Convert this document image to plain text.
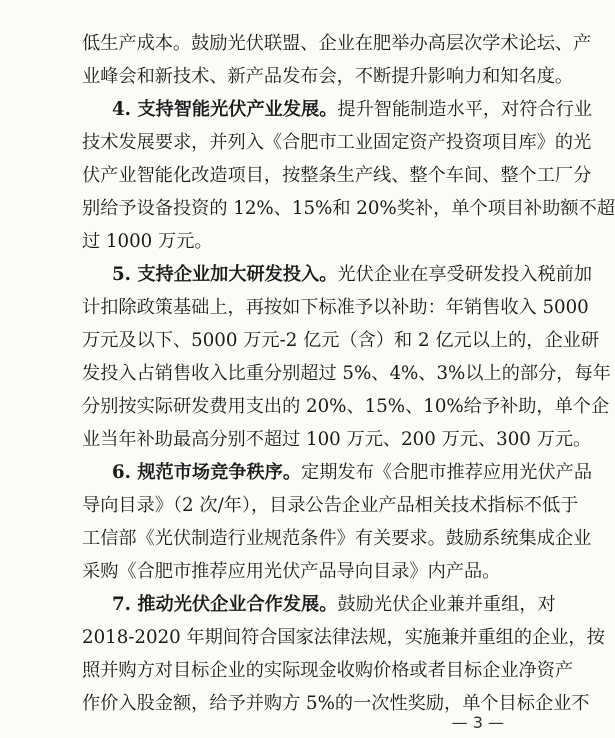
低生产成本。鼓励光伏联盟、企业在肥举办高层次学术论坛、产

业峰会和新技术、新产品发布会，不断提升影响力和知名度。

4. 支持智能光伏产业发展。提升智能制造水平，对符合行业

技术发展要求，并列入《合肥市工业固定资产投资项目库》的光

伏产业智能化改造项目，按整条生产线、整个车间、整个工厂分

别给予设备投资的 12%、15%和 20%奖补，单个项目补助额不超

过 1000 万元。

5. 支持企业加大研发投入。光伏企业在享受研发投入税前加

计扣除政策基础上，再按如下标准予以补助：年销售收入 5000

万元及以下、5000 万元-2 亿元（含）和 2 亿元以上的，企业研

发投入占销售收入比重分别超过 5%、4%、3%以上的部分，每年

分别按实际研发费用支出的 20%、15%、10%给予补助，单个企

业当年补助最高分别不超过 100 万元、200 万元、300 万元。

6. 规范市场竞争秩序。定期发布《合肥市推荐应用光伏产品

导向目录》（2 次/年），目录公告企业产品相关技术指标不低于

工信部《光伏制造行业规范条件》有关要求。鼓励系统集成企业

采购《合肥市推荐应用光伏产品导向目录》内产品。

7. 推动光伏企业合作发展。鼓励光伏企业兼并重组，对

2018-2020 年期间符合国家法律法规，实施兼并重组的企业，按

照并购方对目标企业的实际现金收购价格或者目标企业净资产

作价入股金额，给予并购方 5%的一次性奖励，单个目标企业不

— 3 —
